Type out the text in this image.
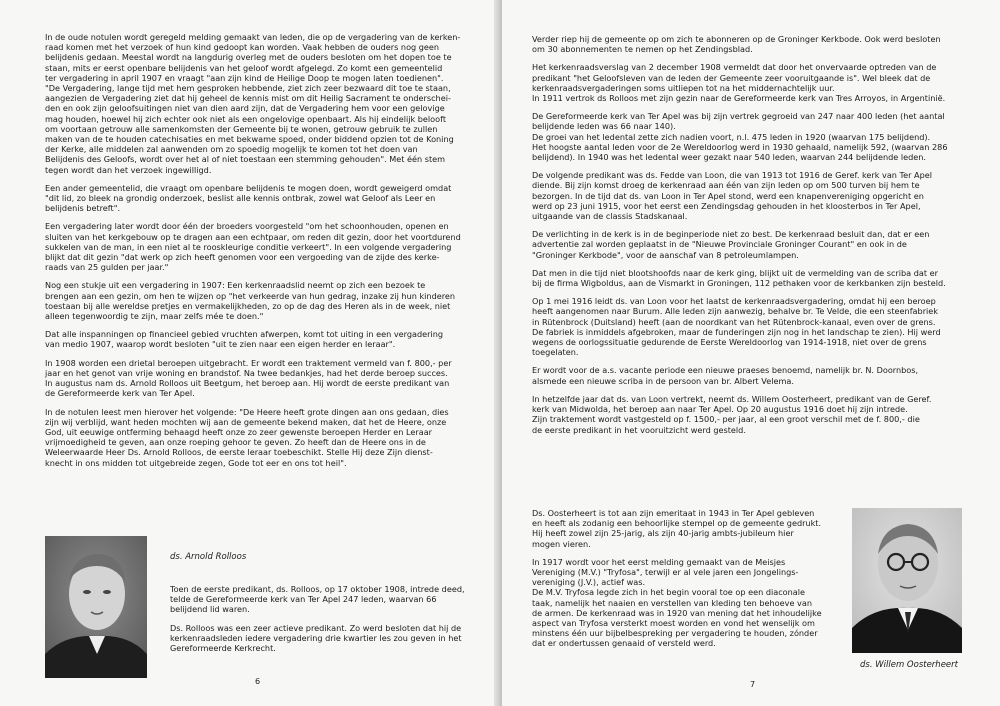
In de oude notulen wordt geregeld melding gemaakt van leden, die op de vergadering van de kerken-
raad komen met het verzoek of hun kind gedoopt kan worden. Vaak hebben de ouders nog geen
belijdenis gedaan. Meestal wordt na langdurig overleg met de ouders besloten om het dopen toe te
staan, mits er eerst openbare belijdenis van het geloof wordt afgelegd. Zo komt een gemeentelid
ter vergadering in april 1907 en vraagt "aan zijn kind de Heilige Doop te mogen laten toedienen".
"De Vergadering, lange tijd met hem gesproken hebbende, ziet zich zeer bezwaard dit toe te staan,
aangezien de Vergadering ziet dat hij geheel de kennis mist om dit Heilig Sacrament te onderschei-
den en ook zijn geloofsuitingen niet van dien aard zijn, dat de Vergadering hem voor een gelovige
mag houden, hoewel hij zich echter ook niet als een ongelovige openbaart. Als hij eindelijk belooft
om voortaan getrouw alle samenkomsten der Gemeente bij te wonen, getrouw gebruik te zullen
maken van de te houden catechisaties en met bekwame spoed, onder biddend opzien tot de Koning
der Kerke, alle middelen zal aanwenden om zo spoedig mogelijk te komen tot het doen van
Belijdenis des Geloofs, wordt over het al of niet toestaan een stemming gehouden". Met één stem
tegen wordt dan het verzoek ingewilligd.

Een ander gemeentelid, die vraagt om openbare belijdenis te mogen doen, wordt geweigerd omdat
"dit lid, zo bleek na grondig onderzoek, beslist alle kennis ontbrak, zowel wat Geloof als Leer en
belijdenis betreft".

Een vergadering later wordt door één der broeders voorgesteld "om het schoonhouden, openen en
sluiten van het kerkgebouw op te dragen aan een echtpaar, om reden dit gezin, door het voortdurend
sukkelen van de man, in een niet al te rooskleurige conditie verkeert". In een volgende vergadering
blijkt dat dit gezin "dat werk op zich heeft genomen voor een vergoeding van de zijde des kerke-
raads van 25 gulden per jaar."

Nog een stukje uit een vergadering in 1907: Een kerkenraadslid neemt op zich een bezoek te
brengen aan een gezin, om hen te wijzen op "het verkeerde van hun gedrag, inzake zij hun kinderen
toestaan bij alle wereldse pretjes en vermakelijkheden, zo op de dag des Heren als in de week, niet
alleen tegenwoordig te zijn, maar zelfs mée te doen."

Dat alle inspanningen op financieel gebied vruchten afwerpen, komt tot uiting in een vergadering
van medio 1907, waarop wordt besloten "uit te zien naar een eigen herder en leraar".

In 1908 worden een drietal beroepen uitgebracht. Er wordt een traktement vermeld van f. 800,- per
jaar en het genot van vrije woning en brandstof. Na twee bedankjes, had het derde beroep succes.
In augustus nam ds. Arnold Rolloos uit Beetgum, het beroep aan. Hij wordt de eerste predikant van
de Gereformeerde kerk van Ter Apel.

In de notulen leest men hierover het volgende: "De Heere heeft grote dingen aan ons gedaan, dies
zijn wij verblijd, want heden mochten wij aan de gemeente bekend maken, dat het de Heere, onze
God, uit eeuwige ontferming behaagd heeft onze zo zeer gewenste beroepen Herder en Leraar
vrijmoedigheid te geven, aan onze roeping gehoor te geven. Zo heeft dan de Heere ons in de
Weleerwaarde Heer Ds. Arnold Rolloos, de eerste leraar toebeschikt. Stelle Hij deze Zijn dienst-
knecht in ons midden tot uitgebreide zegen, Gode tot eer en ons tot heil".

ds. Arnold Rolloos

Toen de eerste predikant, ds. Rolloos, op 17 oktober 1908, intrede deed,
telde de Gereformeerde kerk van Ter Apel 247 leden, waarvan 66
belijdend lid waren.

Ds. Rolloos was een zeer actieve predikant. Zo werd besloten dat hij de
kerkenraadsleden iedere vergadering drie kwartier les zou geven in het
Gereformeerde Kerkrecht.

6

Verder riep hij de gemeente op om zich te abonneren op de Groninger Kerkbode. Ook werd besloten
om 30 abonnementen te nemen op het Zendingsblad.

Het kerkenraadsverslag van 2 december 1908 vermeldt dat door het onvervaarde optreden van de
predikant "het Geloofsleven van de leden der Gemeente zeer vooruitgaande is". Wel bleek dat de
kerkenraadsvergaderingen soms uitliepen tot na het middernachtelijk uur.
In 1911 vertrok ds Rolloos met zijn gezin naar de Gereformeerde kerk van Tres Arroyos, in Argentinië.

De Gereformeerde kerk van Ter Apel was bij zijn vertrek gegroeid van 247 naar 400 leden (het aantal
belijdende leden was 66 naar 140).
De groei van het ledental zette zich nadien voort, n.l. 475 leden in 1920 (waarvan 175 belijdend).
Het hoogste aantal leden voor de 2e Wereldoorlog werd in 1930 gehaald, namelijk 592, (waarvan 286
belijdend). In 1940 was het ledental weer gezakt naar 540 leden, waarvan 244 belijdende leden.

De volgende predikant was ds. Fedde van Loon, die van 1913 tot 1916 de Geref. kerk van Ter Apel
diende. Bij zijn komst droeg de kerkenraad aan één van zijn leden op om 500 turven bij hem te
bezorgen. In de tijd dat ds. van Loon in Ter Apel stond, werd een knapenvereniging opgericht en
werd op 23 juni 1915, voor het eerst een Zendingsdag gehouden in het kloosterbos in Ter Apel,
uitgaande van de classis Stadskanaal.

De verlichting in de kerk is in de beginperiode niet zo best. De kerkenraad besluit dan, dat er een
advertentie zal worden geplaatst in de "Nieuwe Provinciale Groninger Courant" en ook in de
"Groninger Kerkbode", voor de aanschaf van 8 petroleumlampen.

Dat men in die tijd niet blootshoofds naar de kerk ging, blijkt uit de vermelding van de scriba dat er
bij de firma Wigboldus, aan de Vismarkt in Groningen, 112 pethaken voor de kerkbanken zijn besteld.

Op 1 mei 1916 leidt ds. van Loon voor het laatst de kerkenraadsvergadering, omdat hij een beroep
heeft aangenomen naar Burum. Alle leden zijn aanwezig, behalve br. Te Velde, die een steenfabriek
in Rütenbrock (Duitsland) heeft (aan de noordkant van het Rütenbrock-kanaal, even over de grens.
De fabriek is inmiddels afgebroken, maar de funderingen zijn nog in het landschap te zien). Hij werd
wegens de oorlogssituatie gedurende de Eerste Wereldoorlog van 1914-1918, niet over de grens
toegelaten.

Er wordt voor de a.s. vacante periode een nieuwe praeses benoemd, namelijk br. N. Doornbos,
alsmede een nieuwe scriba in de persoon van br. Albert Velema.

In hetzelfde jaar dat ds. van Loon vertrekt, neemt ds. Willem Oosterheert, predikant van de Geref.
kerk van Midwolda, het beroep aan naar Ter Apel. Op 20 augustus 1916 doet hij zijn intrede.
Zijn traktement wordt vastgesteld op f. 1500,- per jaar, al een groot verschil met de f. 800,- die
de eerste predikant in het vooruitzicht werd gesteld.

Ds. Oosterheert is tot aan zijn emeritaat in 1943 in Ter Apel gebleven
en heeft als zodanig een behoorlijke stempel op de gemeente gedrukt.
Hij heeft zowel zijn 25-jarig, als zijn 40-jarig ambts-jubileum hier
mogen vieren.

In 1917 wordt voor het eerst melding gemaakt van de Meisjes
Vereniging (M.V.) "Tryfosa", terwijl er al vele jaren een Jongelings-
vereniging (J.V.), actief was.
De M.V. Tryfosa legde zich in het begin vooral toe op een diaconale
taak, namelijk het naaien en verstellen van kleding ten behoeve van
de armen. De kerkenraad was in 1920 van mening dat het inhoudelijke
aspect van Tryfosa versterkt moest worden en vond het wenselijk om
minstens één uur bijbelbespreking per vergadering te houden, zónder
dat er ondertussen genaaid of versteld werd.

ds. Willem Oosterheert
7
